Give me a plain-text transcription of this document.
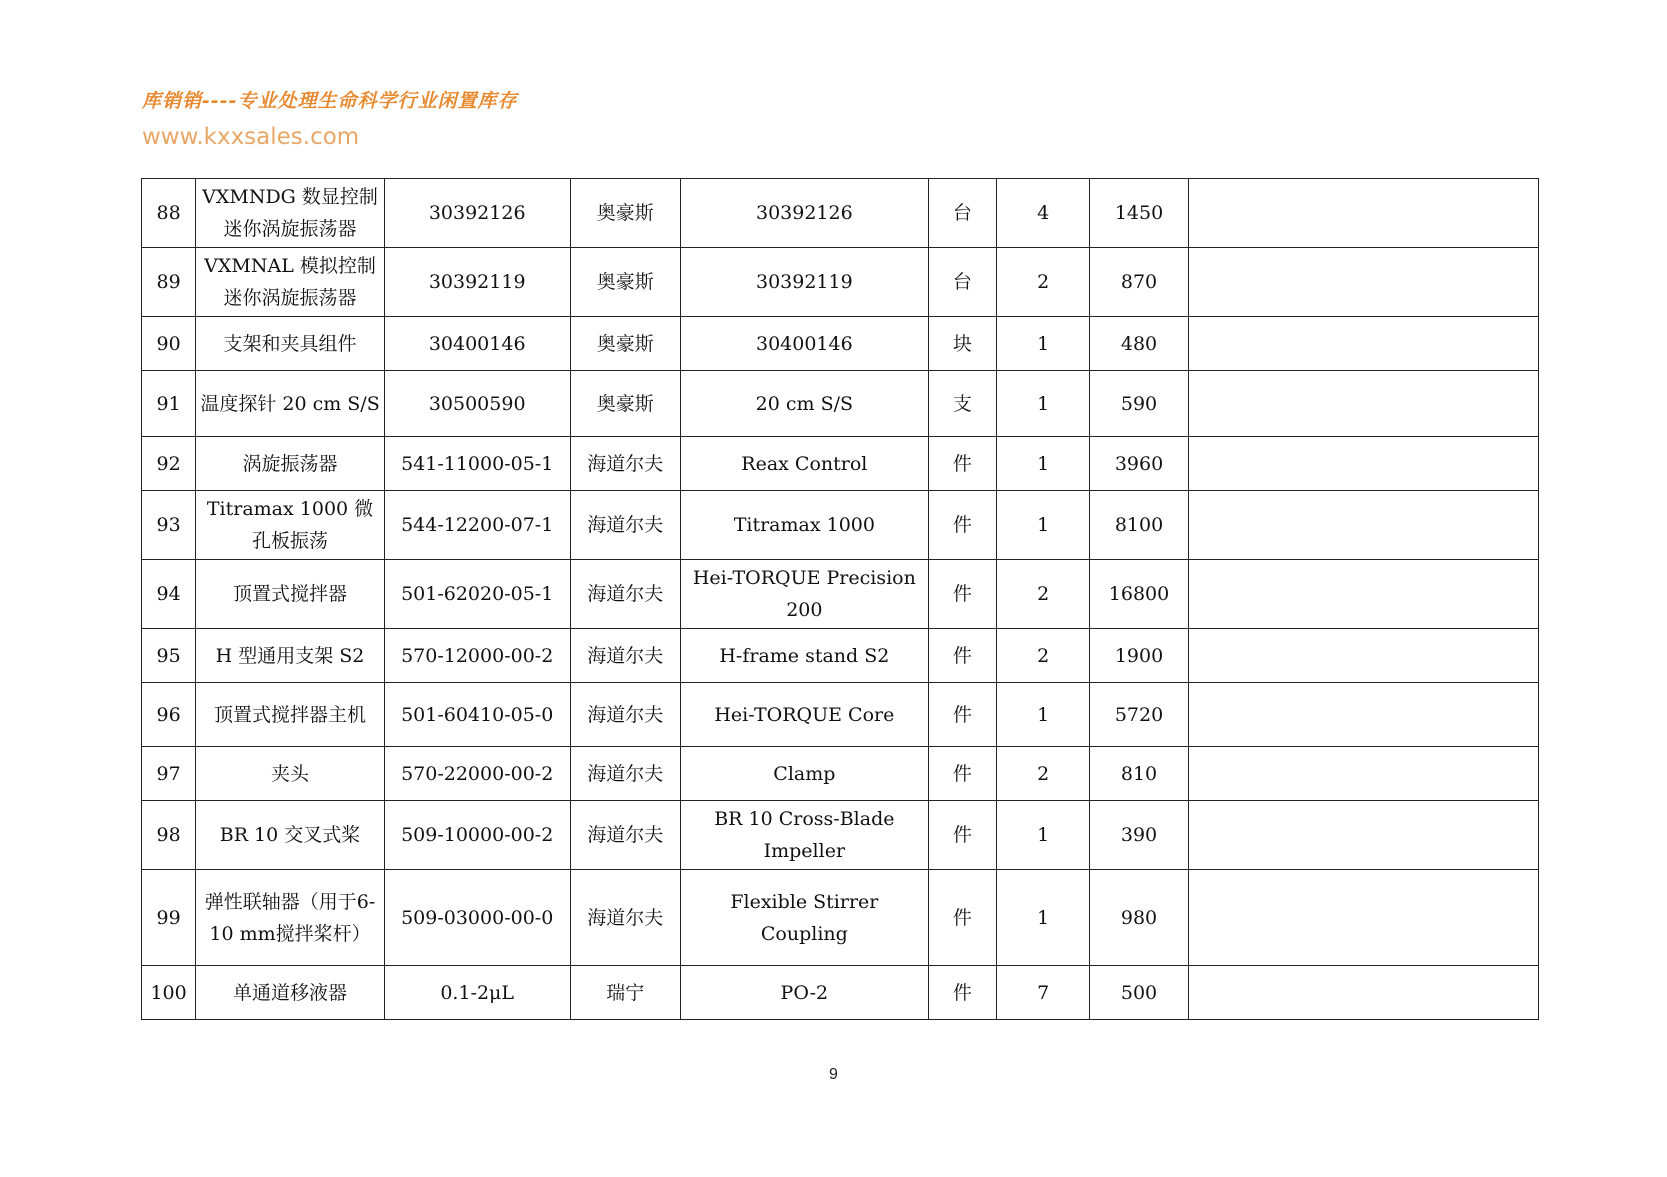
库销销----专业处理生命科学行业闲置库存
www.kxxsales.com
88	VXMNDG 数显控制迷你涡旋振荡器	30392126	奥豪斯	30392126	台	4	1450	
89	VXMNAL 模拟控制迷你涡旋振荡器	30392119	奥豪斯	30392119	台	2	870	
90	支架和夹具组件	30400146	奥豪斯	30400146	块	1	480	
91	温度探针 20 cm S/S	30500590	奥豪斯	20 cm S/S	支	1	590	
92	涡旋振荡器	541-11000-05-1	海道尔夫	Reax Control	件	1	3960	
93	Titramax 1000 微孔板振荡	544-12200-07-1	海道尔夫	Titramax 1000	件	1	8100	
94	顶置式搅拌器	501-62020-05-1	海道尔夫	Hei-TORQUE Precision 200	件	2	16800	
95	H 型通用支架 S2	570-12000-00-2	海道尔夫	H-frame stand S2	件	2	1900	
96	顶置式搅拌器主机	501-60410-05-0	海道尔夫	Hei-TORQUE Core	件	1	5720	
97	夹头	570-22000-00-2	海道尔夫	Clamp	件	2	810	
98	BR 10 交叉式桨	509-10000-00-2	海道尔夫	BR 10 Cross-Blade Impeller	件	1	390	
99	弹性联轴器（用于6-10 mm搅拌桨杆）	509-03000-00-0	海道尔夫	Flexible Stirrer Coupling	件	1	980	
100	单通道移液器	0.1-2μL	瑞宁	PO-2	件	7	500	
9
